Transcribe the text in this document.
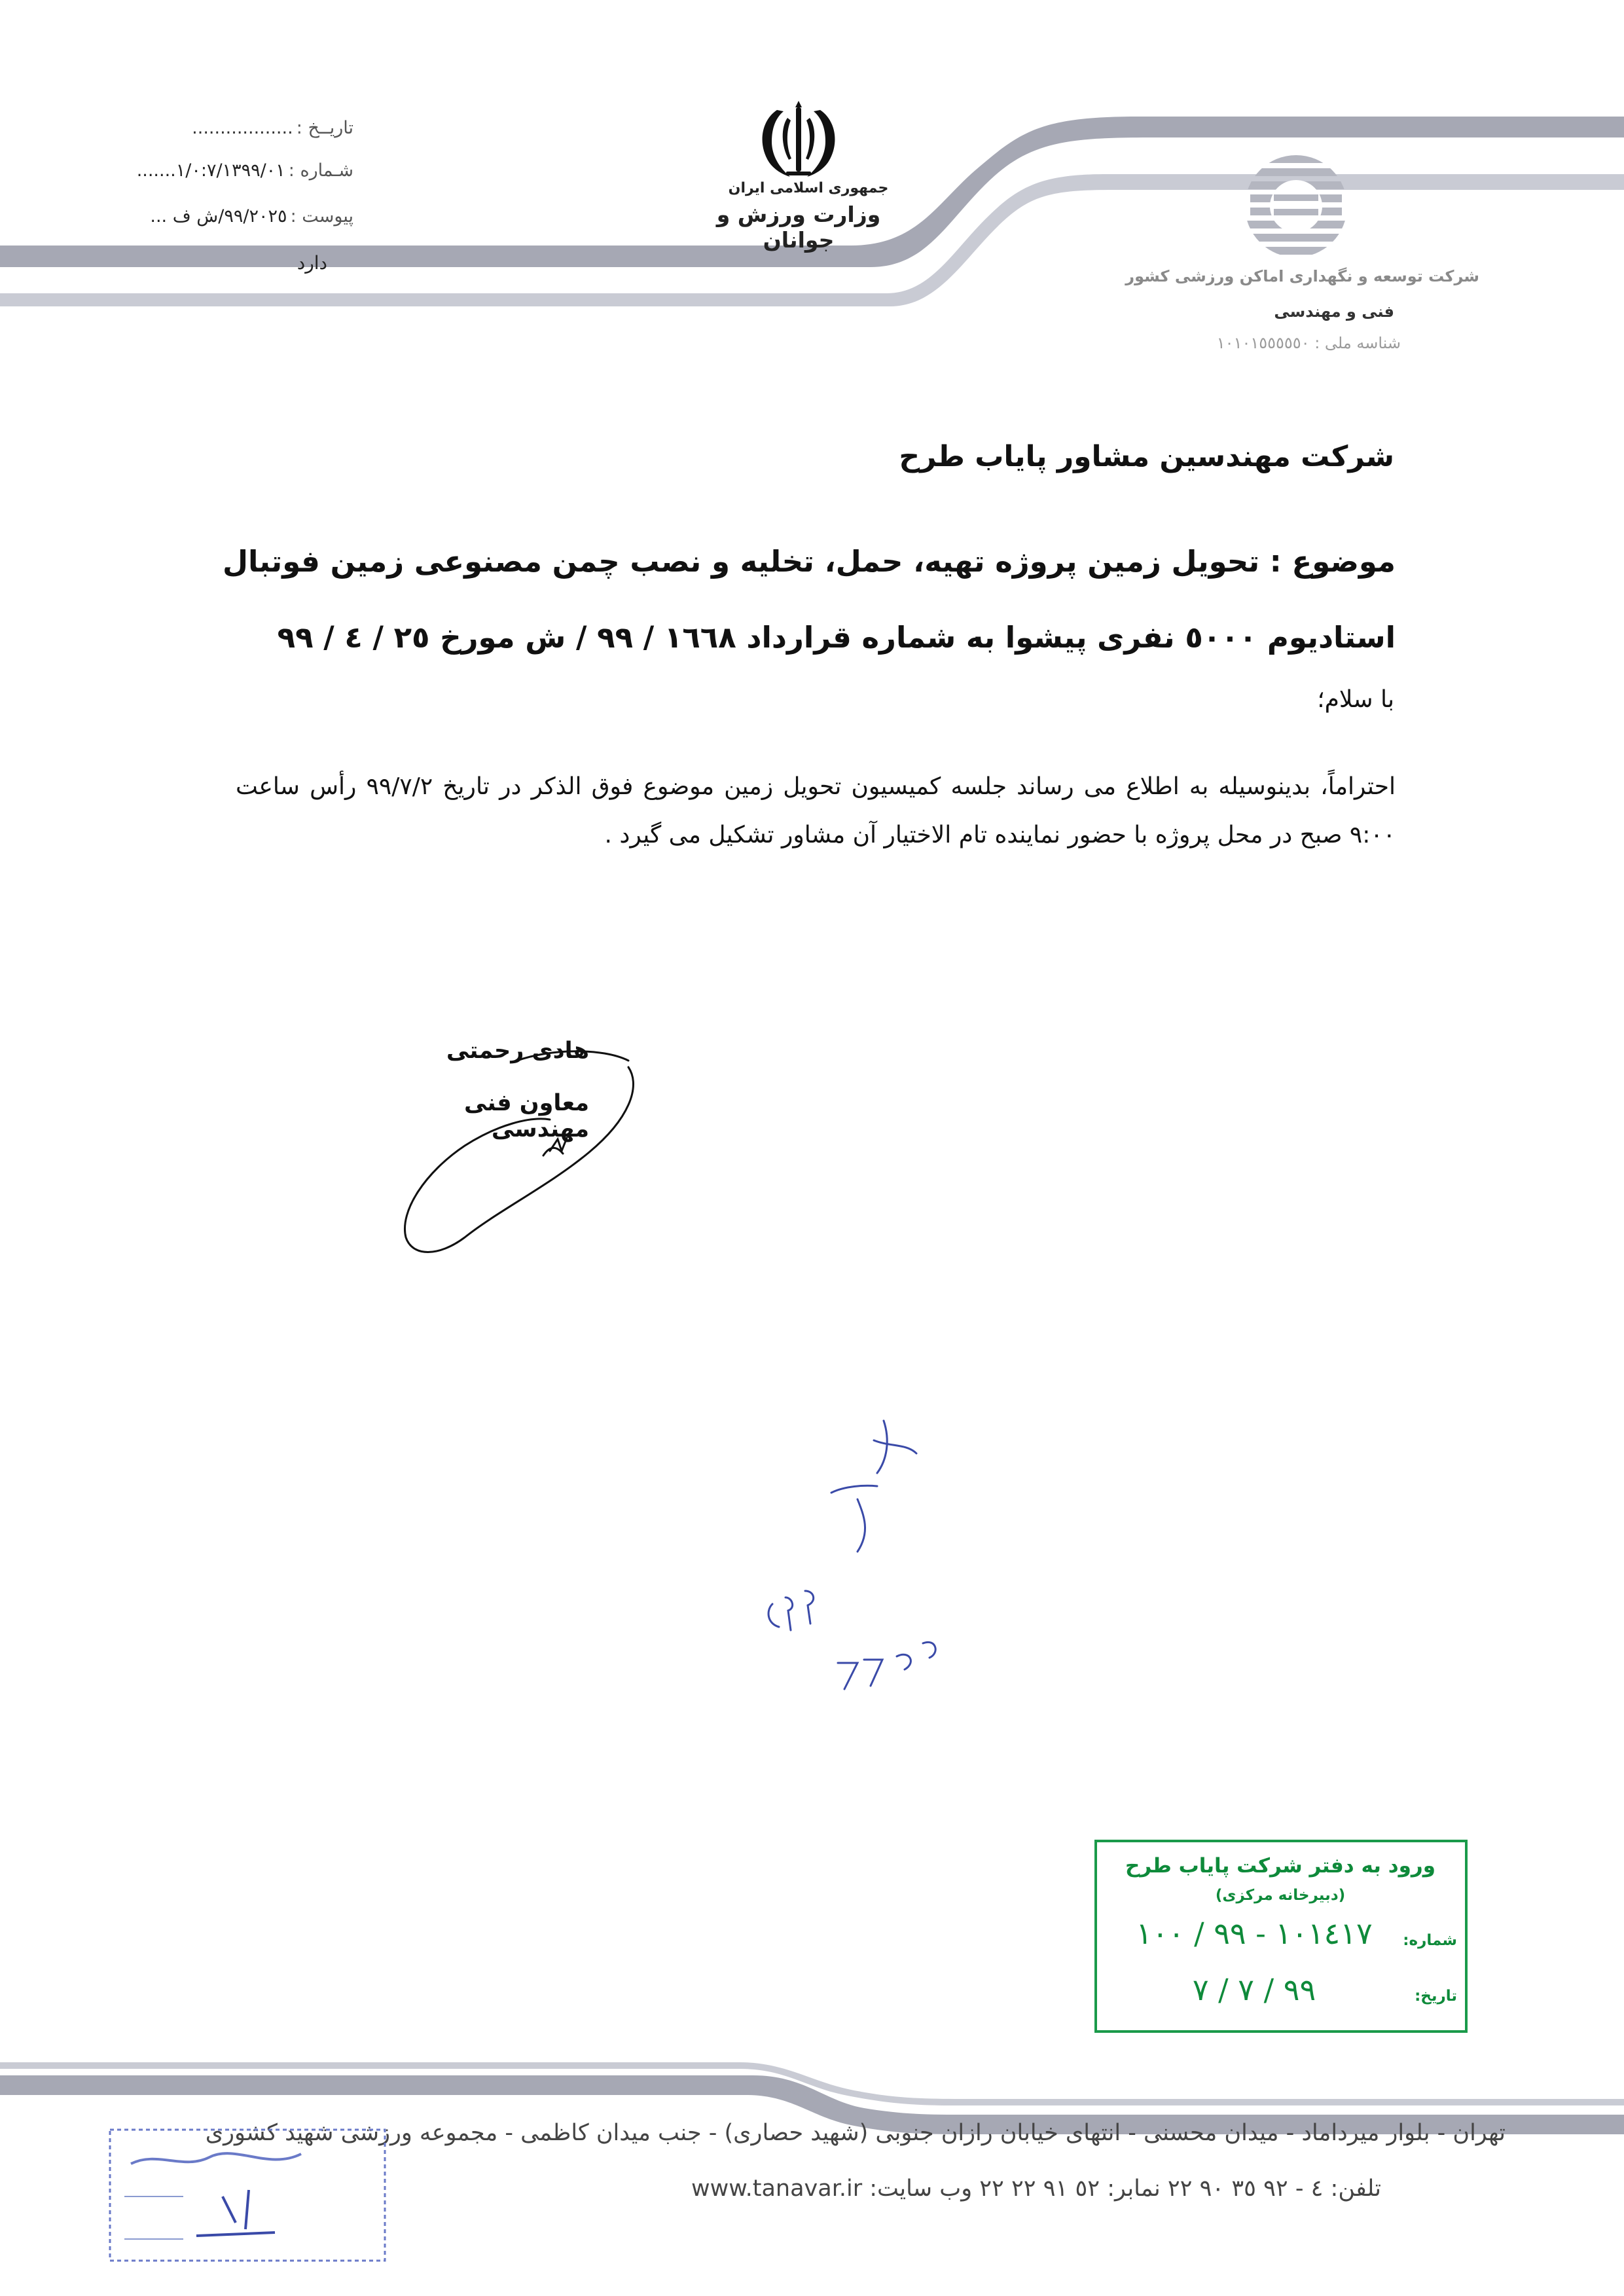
تاریــخ : ..................
شـماره : ١/٠:٧/١٣٩٩/٠١.......
پیوست : ٩٩/٢٠٢٥/ش ف ...
دارد
جمهوری اسلامی ایران
وزارت ورزش و جوانان
شرکت توسعه و نگهداری اماکن ورزشی کشور
فنی و مهندسی
شناسه ملی : ١٠١٠١٥٥٥٥٥٠
شرکت مهندسین مشاور پایاب طرح
موضوع : تحویل زمین پروژه تهیه، حمل، تخلیه و نصب چمن مصنوعی زمین فوتبال استادیوم ٥٠٠٠ نفری پیشوا به شماره قرارداد ١٦٦٨ / ٩٩ / ش مورخ ٢٥ / ٤ / ٩٩
با سلام؛
احتراماً، بدینوسیله به اطلاع می رساند جلسه کمیسیون تحویل زمین موضوع فوق الذکر در تاریخ ٩٩/٧/٢ رأس ساعت ٩:٠٠ صبح در محل پروژه با حضور نماینده تام الاختیار آن مشاور تشکیل می گیرد .
هادی رحمتی
معاون فنی مهندسی
ورود به دفتر شرکت پایاب طرح
(دبیرخانه مرکزی)
شماره:
١٠١٤١٧ - ٩٩ / ١٠٠
تاریخ:
٩٩ / ٧ / ٧
تهران - بلوار میرداماد - میدان محسنی - انتهای خیابان رازان جنوبی (شهید حصاری) - جنب میدان کاظمی - مجموعه ورزشی شهید کشوری
تلفن: ٤ - ٩٢ ٣٥ ٩٠ ٢٢ نمابر: ٥٢ ٩١ ٢٢ ٢٢ وب سایت: www.tanavar.ir
